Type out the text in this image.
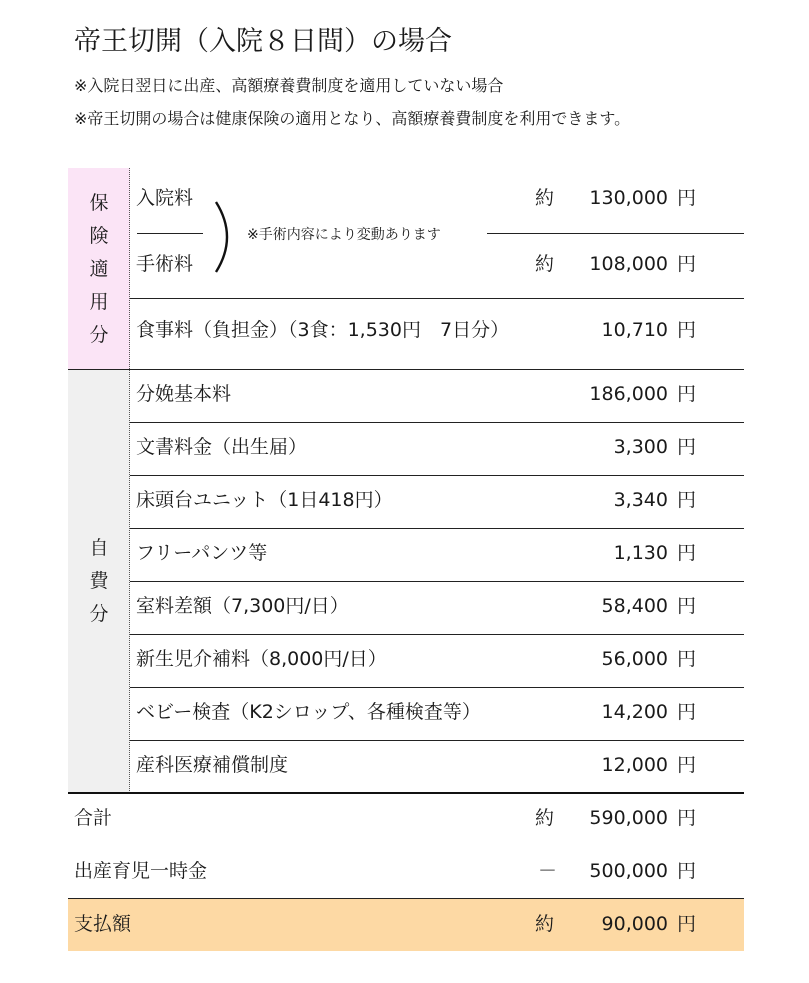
帝王切開（入院８日間）の場合
※入院日翌日に出産、高額療養費制度を適用していない場合
※帝王切開の場合は健康保険の適用となり、高額療養費制度を利用できます。
保
険
適
用
分
自
費
分
入院料	約 130,000 円
※手術内容により変動あります
手術料	約 108,000 円
食事料（負担金）（3食：1,530円　7日分）	10,710 円
分娩基本料	186,000 円
文書料金（出生届）	3,300 円
床頭台ユニット（1日418円）	3,340 円
フリーパンツ等	1,130 円
室料差額（7,300円/日）	58,400 円
新生児介補料（8,000円/日）	56,000 円
ベビー検査（K2シロップ、各種検査等）	14,200 円
産科医療補償制度	12,000 円
合計	約 590,000 円
出産育児一時金	－ 500,000 円
支払額	約	90,000 円
